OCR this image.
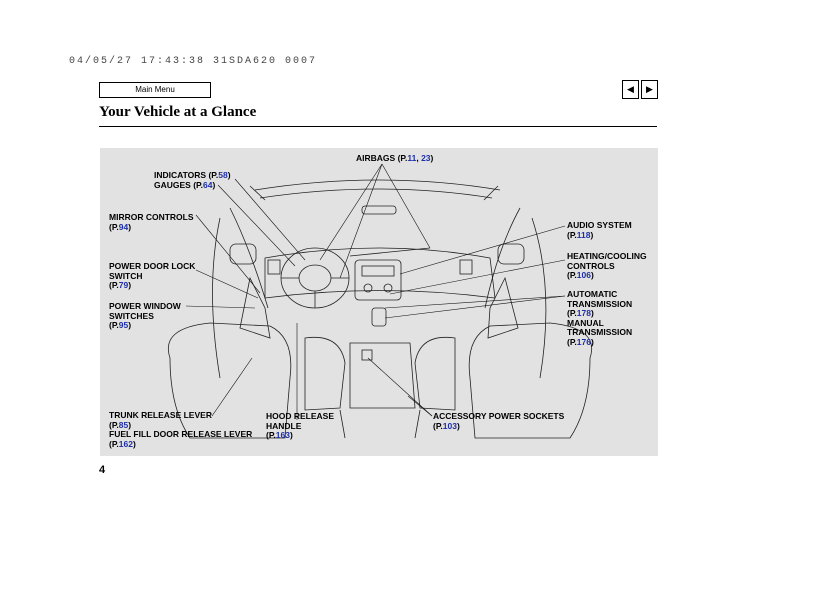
04/05/27 17:43:38 31SDA620 0007
Main Menu	◀	▶
Your Vehicle at a Glance
AIRBAGS (P.11, 23)
INDICATORS (P.58)
GAUGES (P.64)
MIRROR CONTROLS
(P.94)
POWER DOOR LOCK
SWITCH
(P.79)
POWER WINDOW
SWITCHES
(P.95)
TRUNK RELEASE LEVER
(P.85)
FUEL FILL DOOR RELEASE LEVER
(P.162)
HOOD RELEASE
HANDLE
(P.163)
ACCESSORY POWER SOCKETS
(P.103)
AUDIO SYSTEM
(P.118)
HEATING/COOLING
CONTROLS
(P.106)
AUTOMATIC
TRANSMISSION
(P.178)
MANUAL
TRANSMISSION
(P.176)
4
